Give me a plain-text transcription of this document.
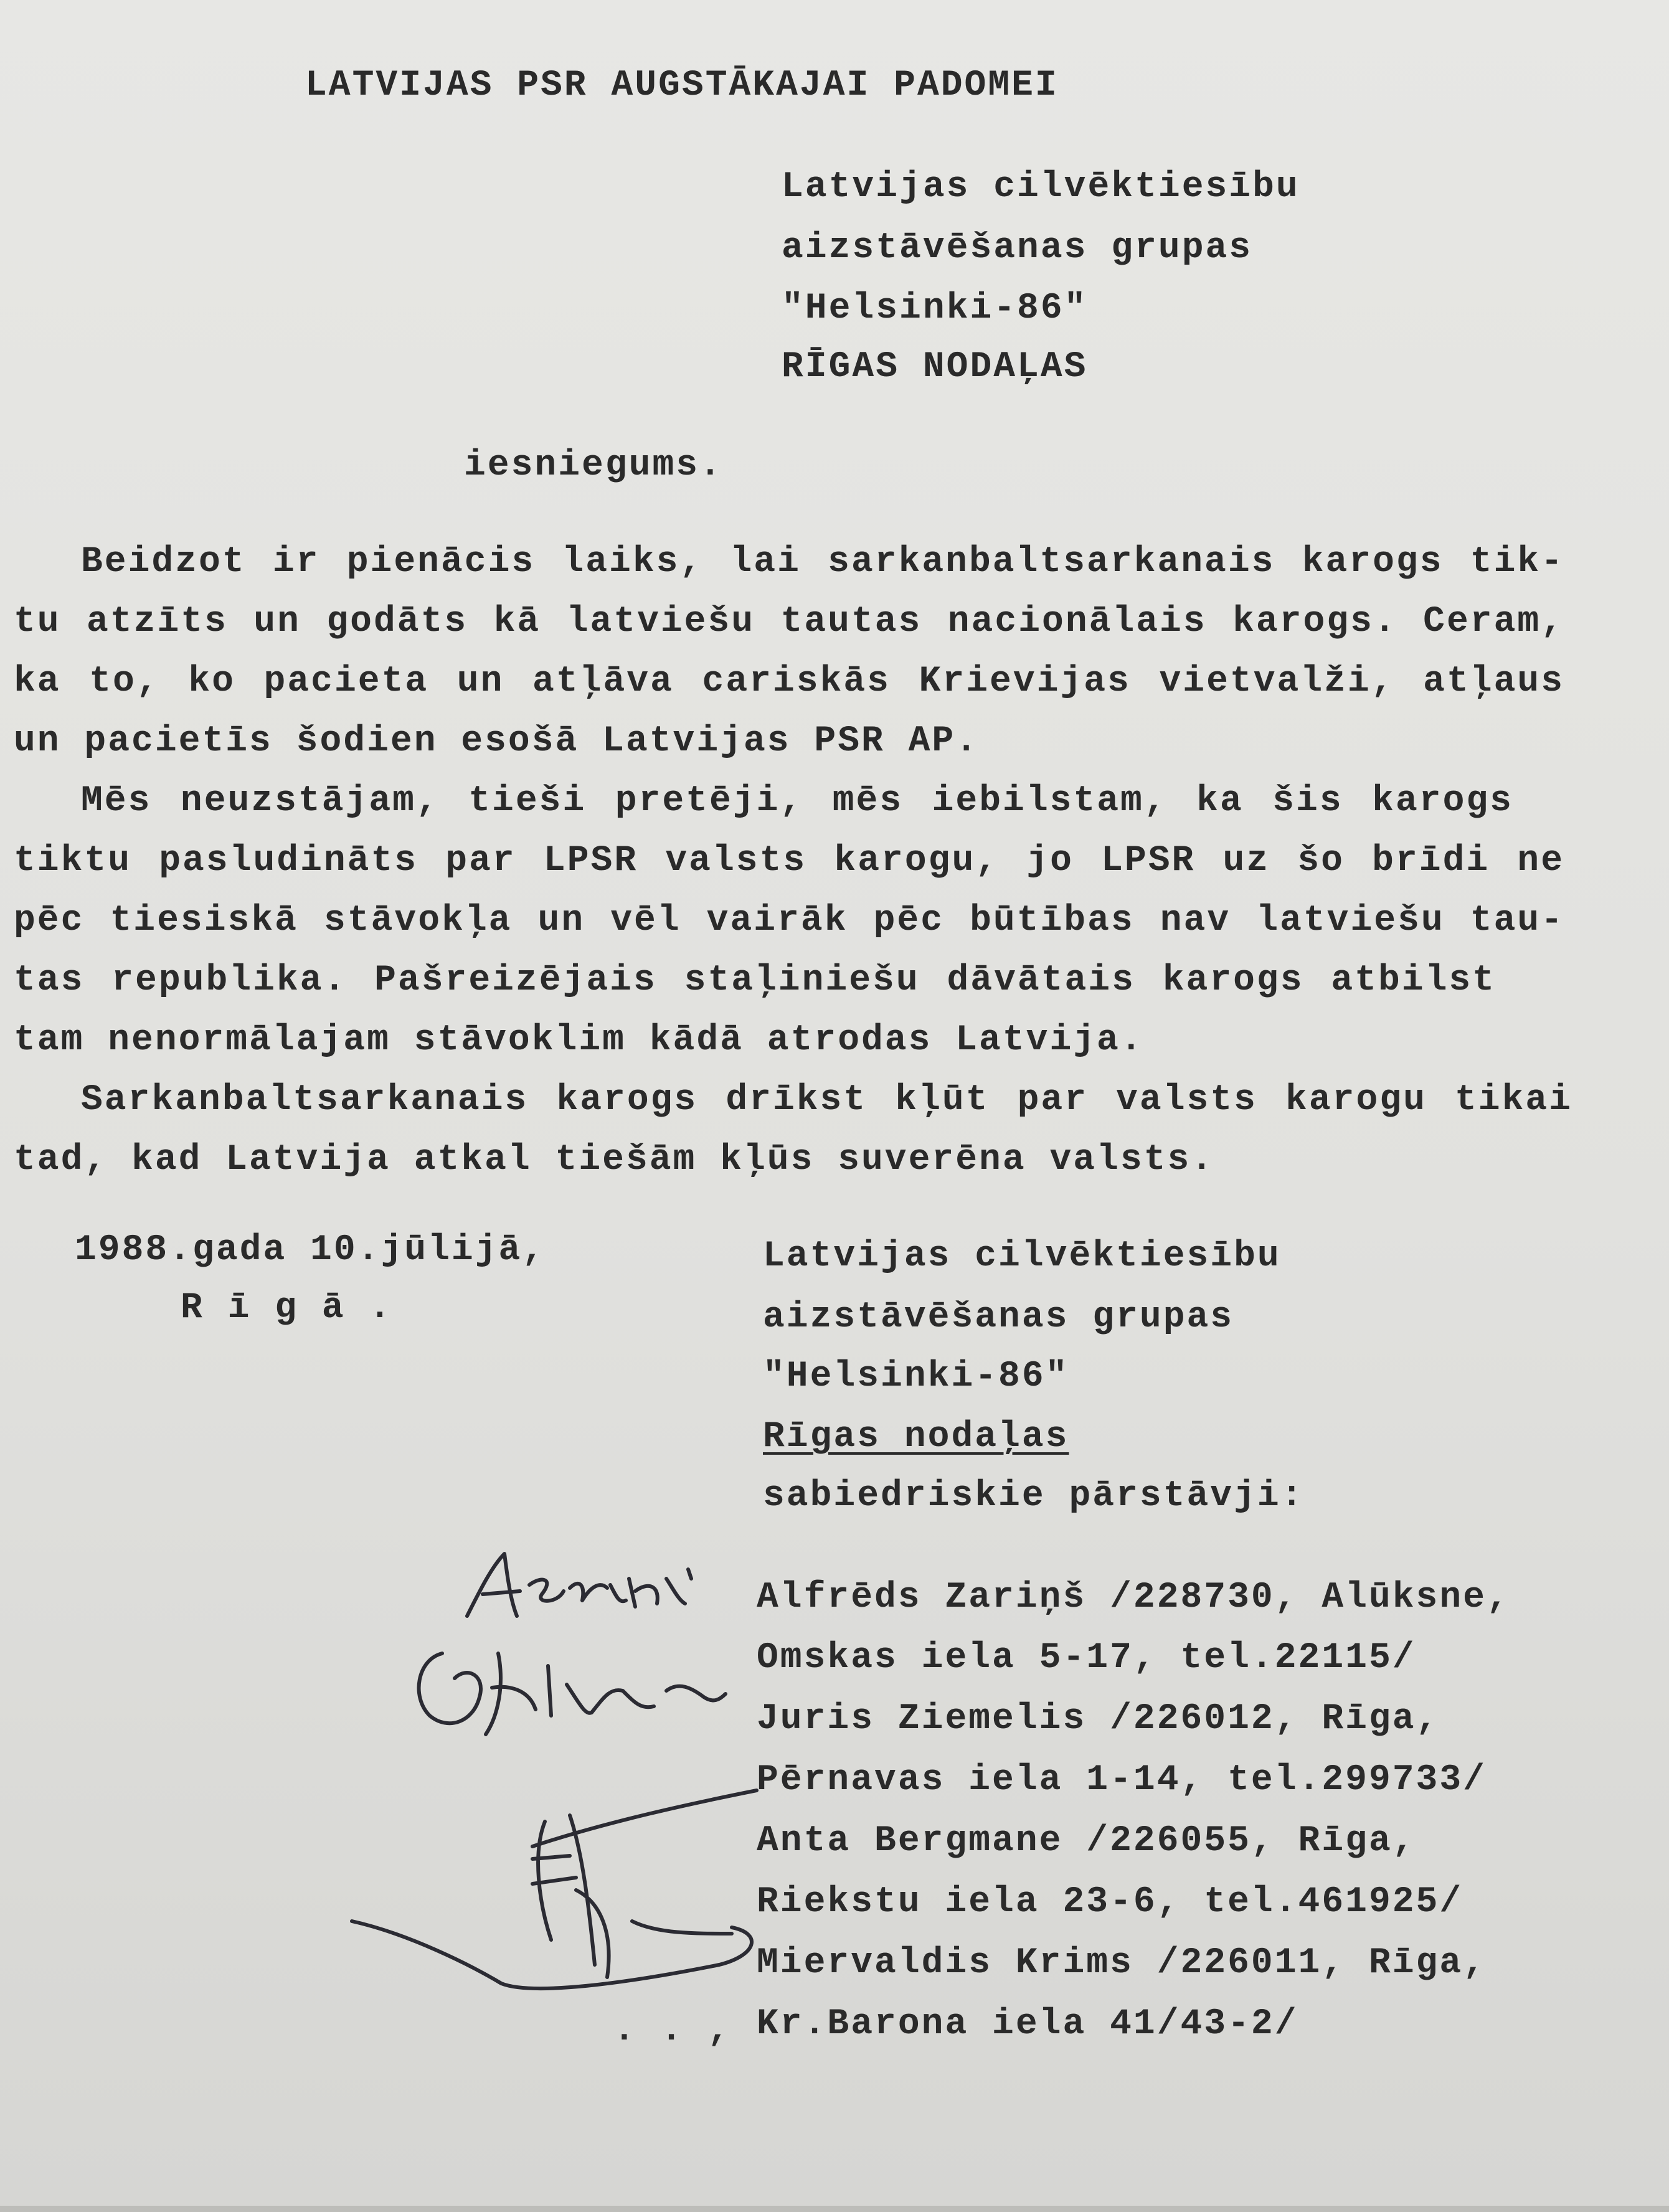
LATVIJAS PSR AUGSTĀKAJAI PADOMEI
Latvijas cilvēktiesību
aizstāvēšanas grupas
"Helsinki-86"
RĪGAS NODAĻAS
iesniegums.
Beidzot ir pienācis laiks, lai sarkanbaltsarkanais karogs tik-
tu atzīts un godāts kā latviešu tautas nacionālais karogs. Ceram,
ka to, ko pacieta un atļāva cariskās Krievijas vietvalži, atļaus
un pacietīs šodien esošā Latvijas PSR AP.
Mēs neuzstājam, tieši pretēji, mēs iebilstam, ka šis karogs
tiktu pasludināts par LPSR valsts karogu, jo LPSR uz šo brīdi ne
pēc tiesiskā stāvokļa un vēl vairāk pēc būtības nav latviešu tau-
tas republika. Pašreizējais staļiniešu dāvātais karogs atbilst
tam nenormālajam stāvoklim kādā atrodas Latvija.
Sarkanbaltsarkanais karogs drīkst kļūt par valsts karogu tikai
tad, kad Latvija atkal tiešām kļūs suverēna valsts.
1988.gada 10.jūlijā,
R ī g ā .
Latvijas cilvēktiesību
aizstāvēšanas grupas
"Helsinki-86"
Rīgas nodaļas
sabiedriskie pārstāvji:
Alfrēds Zariņš /228730, Alūksne,
Omskas iela 5-17, tel.22115/
Juris Ziemelis /226012, Rīga,
Pērnavas iela 1-14, tel.299733/
Anta Bergmane /226055, Rīga,
Riekstu iela 23-6, tel.461925/
Miervaldis Krims /226011, Rīga,
Kr.Barona iela 41/43-2/
. . ,
